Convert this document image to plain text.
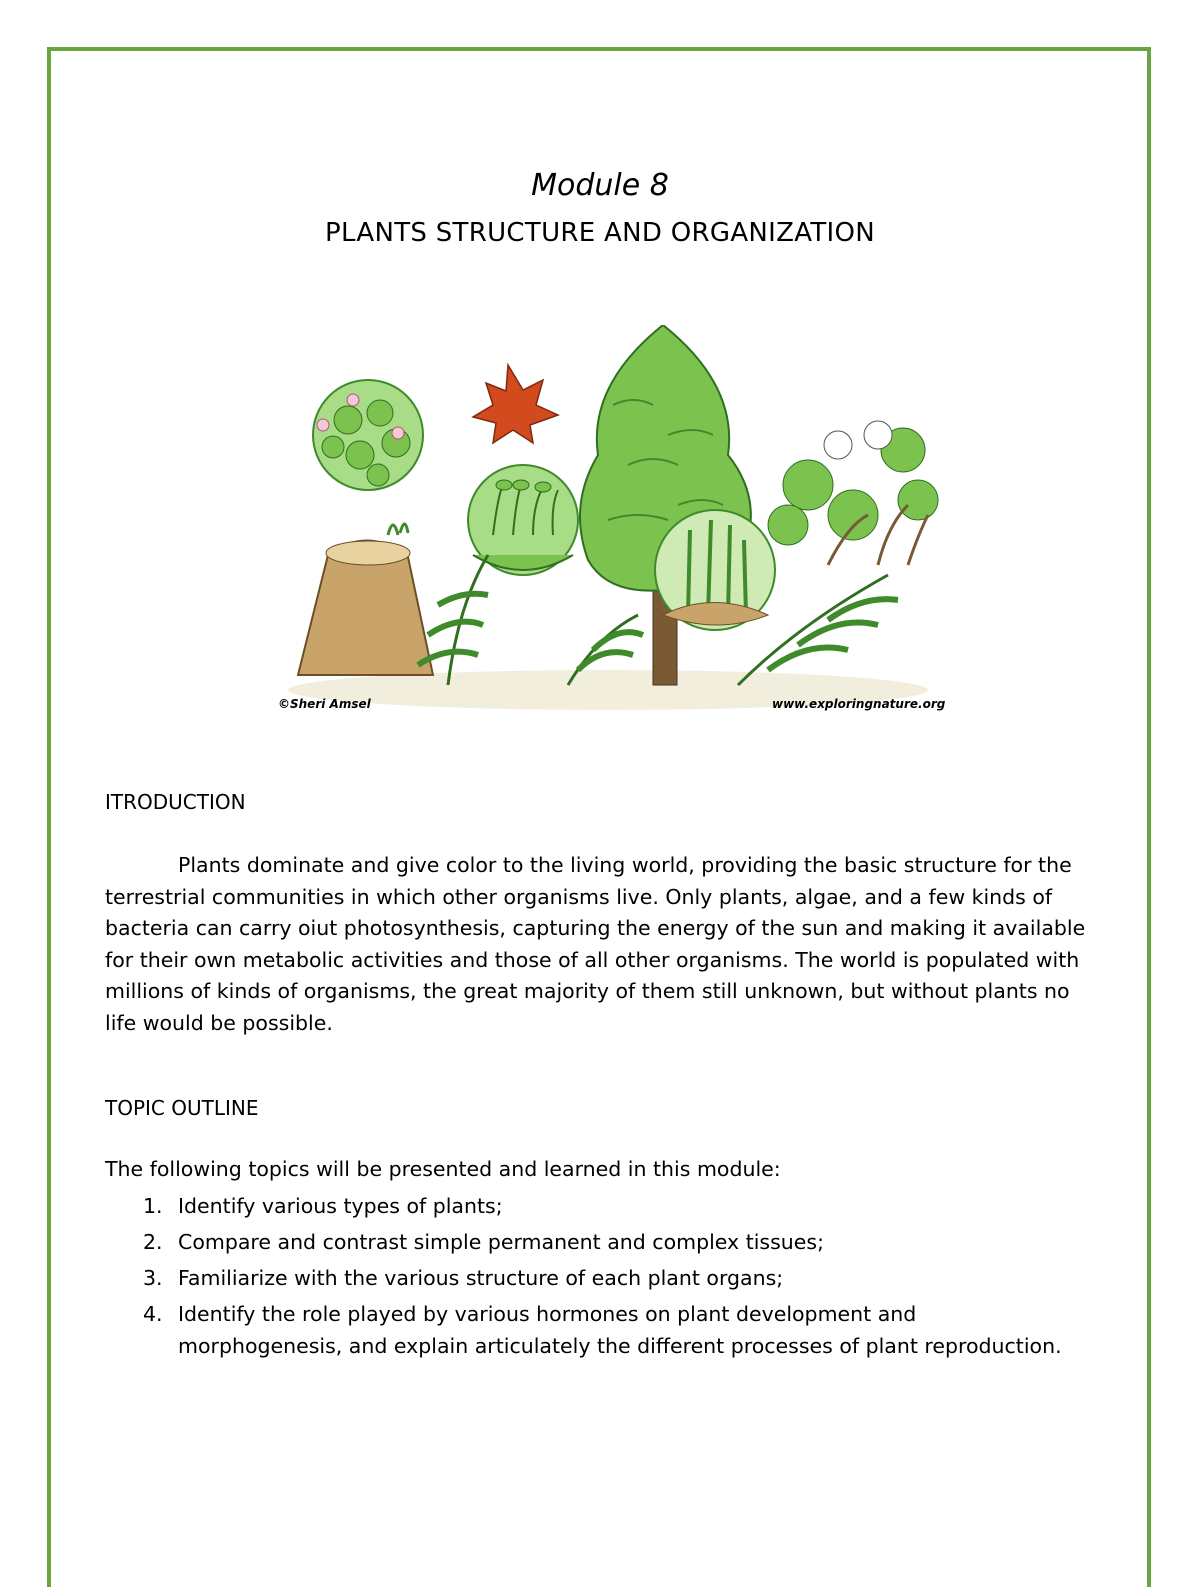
Module 8
PLANTS STRUCTURE AND ORGANIZATION
©Sheri Amsel	www.exploringnature.org
ITRODUCTION

Plants dominate and give color to the living world, providing the basic structure for the terrestrial communities in which other organisms live. Only plants, algae, and a few kinds of bacteria can carry oiut photosynthesis, capturing the energy of the sun and making it available for their own metabolic activities and those of all other organisms. The world is populated with millions of kinds of organisms, the great majority of them still unknown, but without plants no life would be possible.

TOPIC OUTLINE
The following topics will be presented and learned in this module:
1. Identify various types of plants;
2. Compare and contrast simple permanent and complex tissues;
3. Familiarize with the various structure of each plant organs;
4. Identify the role played by various hormones on plant development and morphogenesis, and explain articulately the different processes of plant reproduction.
